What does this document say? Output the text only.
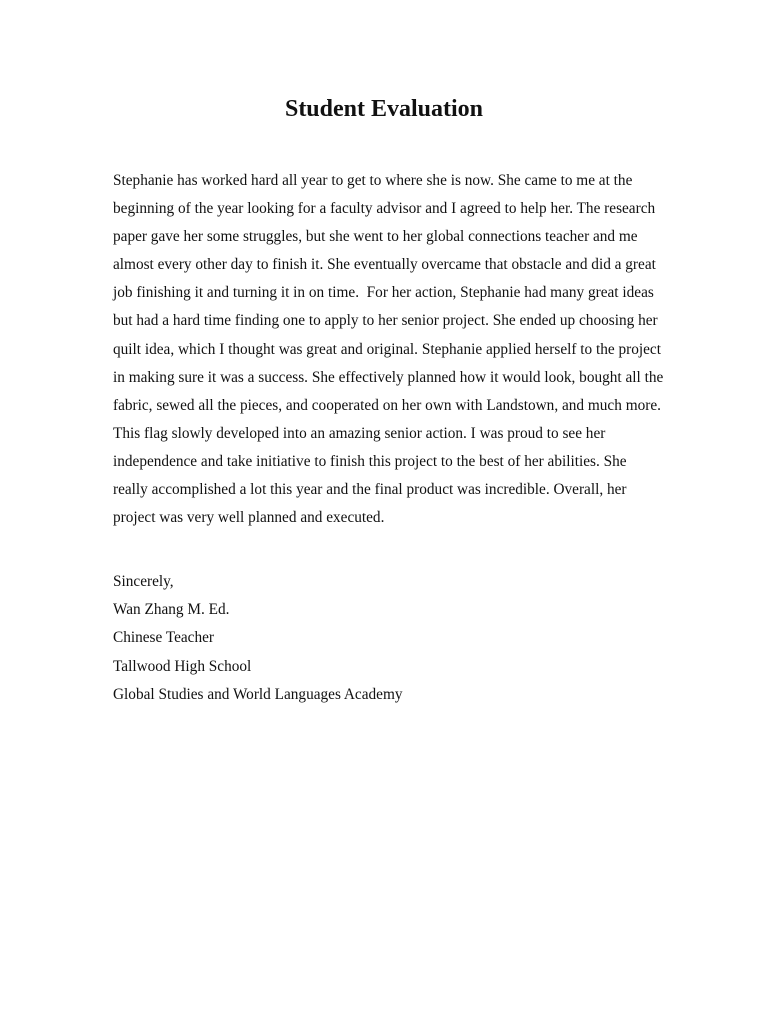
Student Evaluation
Stephanie has worked hard all year to get to where she is now. She came to me at the
beginning of the year looking for a faculty advisor and I agreed to help her. The research
paper gave her some struggles, but she went to her global connections teacher and me
almost every other day to finish it. She eventually overcame that obstacle and did a great
job finishing it and turning it in on time.  For her action, Stephanie had many great ideas
but had a hard time finding one to apply to her senior project. She ended up choosing her
quilt idea, which I thought was great and original. Stephanie applied herself to the project
in making sure it was a success. She effectively planned how it would look, bought all the
fabric, sewed all the pieces, and cooperated on her own with Landstown, and much more.
This flag slowly developed into an amazing senior action. I was proud to see her
independence and take initiative to finish this project to the best of her abilities. She
really accomplished a lot this year and the final product was incredible. Overall, her
project was very well planned and executed.
Sincerely,
Wan Zhang M. Ed.
Chinese Teacher
Tallwood High School
Global Studies and World Languages Academy
